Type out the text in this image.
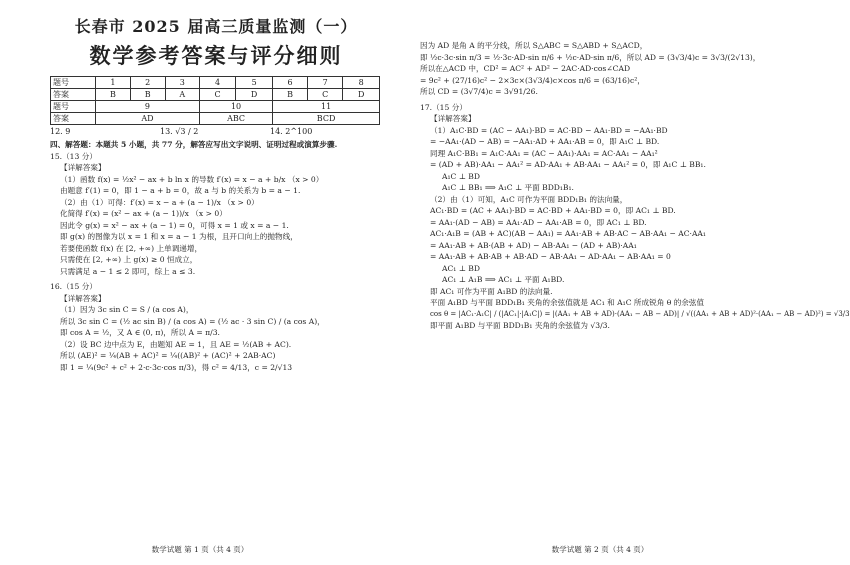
长春市 2025 届高三质量监测（一）
数学参考答案与评分细则
题号	1	2	3	4	5	6	7	8
答案	B	B	A	C	D	B	C	D
题号	9			10		11		
答案	AD			ABC		BCD		
12. 9	13. √3 / 2	14. 2^100
四、解答题：本题共 5 小题，共 77 分，解答应写出文字说明、证明过程或演算步骤.
15.（13 分）
【详解答案】
（1）函数 f(x) = ½x² − ax + b ln x 的导数 f′(x) = x − a + b/x （x > 0）
由题意 f′(1) = 0，即 1 − a + b = 0，故 a 与 b 的关系为 b = a − 1.
（2）由（1）可得：f′(x) = x − a + (a − 1)/x （x > 0）
化简得 f′(x) = (x² − ax + (a − 1))/x （x > 0）
因此令 g(x) = x² − ax + (a − 1) = 0，可得 x = 1 或 x = a − 1.
即 g(x) 的图像为以 x = 1 和 x = a − 1 为根，且开口向上的抛物线，
若要使函数 f(x) 在 [2, +∞) 上单调递增，
只需使在 [2, +∞) 上 g(x) ≥ 0 恒成立，
只需满足 a − 1 ≤ 2 即可，综上 a ≤ 3.
16.（15 分）
【详解答案】
（1）因为 3c sin C = S / (a cos A)，
所以 3c sin C = (½ ac sin B) / (a cos A) = (½ ac · 3 sin C) / (a cos A)，
即 cos A = ½，又 A ∈ (0, π)，所以 A = π/3.
（2）设 BC 边中点为 E，由题知 AE = 1，且 AE = ½(AB + AC).
所以 (AE)² = ¼(AB + AC)² = ¼((AB)² + (AC)² + 2AB·AC)
即 1 = ¼(9c² + c² + 2·c·3c·cos π/3)，得 c² = 4/13，c = 2/√13
数学试题 第 1 页（共 4 页）
因为 AD 是角 A 的平分线，所以 S△ABC = S△ABD + S△ACD，
即 ½c·3c·sin π/3 = ½·3c·AD·sin π/6 + ½c·AD·sin π/6，所以 AD = (3√3/4)c = 3√3/(2√13)，
所以在△ACD 中，CD² = AC² + AD² − 2AC·AD·cos∠CAD
= 9c² + (27/16)c² − 2×3c×(3√3/4)c×cos π/6 = (63/16)c²，
所以 CD = (3√7/4)c = 3√91/26.
17.（15 分）
【详解答案】
（1）A₁C·BD = (AC − AA₁)·BD = AC·BD − AA₁·BD = −AA₁·BD
= −AA₁·(AD − AB) = −AA₁·AD + AA₁·AB = 0，即 A₁C ⊥ BD.
同理 A₁C·BB₁ = A₁C·AA₁ = (AC − AA₁)·AA₁ = AC·AA₁ − AA₁²
= (AD + AB)·AA₁ − AA₁² = AD·AA₁ + AB·AA₁ − AA₁² = 0，即 A₁C ⊥ BB₁.
A₁C ⊥ BD
A₁C ⊥ BB₁ ⟹ A₁C ⊥ 平面 BDD₁B₁.
（2）由（1）可知，A₁C 可作为平面 BDD₁B₁ 的法向量，
AC₁·BD = (AC + AA₁)·BD = AC·BD + AA₁·BD = 0，即 AC₁ ⊥ BD.
= AA₁·(AD − AB) = AA₁·AD − AA₁·AB = 0，即 AC₁ ⊥ BD.
AC₁·A₁B = (AB + AC)(AB − AA₁) = AA₁·AB + AB·AC − AB·AA₁ − AC·AA₁
= AA₁·AB + AB·(AB + AD) − AB·AA₁ − (AD + AB)·AA₁
= AA₁·AB + AB·AB + AB·AD − AB·AA₁ − AD·AA₁ − AB·AA₁ = 0
AC₁ ⊥ BD
AC₁ ⊥ A₁B ⟹ AC₁ ⊥ 平面 A₁BD.
即 AC₁ 可作为平面 A₁BD 的法向量.
平面 A₁BD 与平面 BDD₁B₁ 夹角的余弦值就是 AC₁ 和 A₁C 所成锐角 θ 的余弦值
cos θ = |AC₁·A₁C| / (|AC₁|·|A₁C|) = |(AA₁ + AB + AD)·(AA₁ − AB − AD)| / √((AA₁ + AB + AD)²·(AA₁ − AB − AD)²) = √3/3
即平面 A₁BD 与平面 BDD₁B₁ 夹角的余弦值为 √3/3.
数学试题 第 2 页（共 4 页）
